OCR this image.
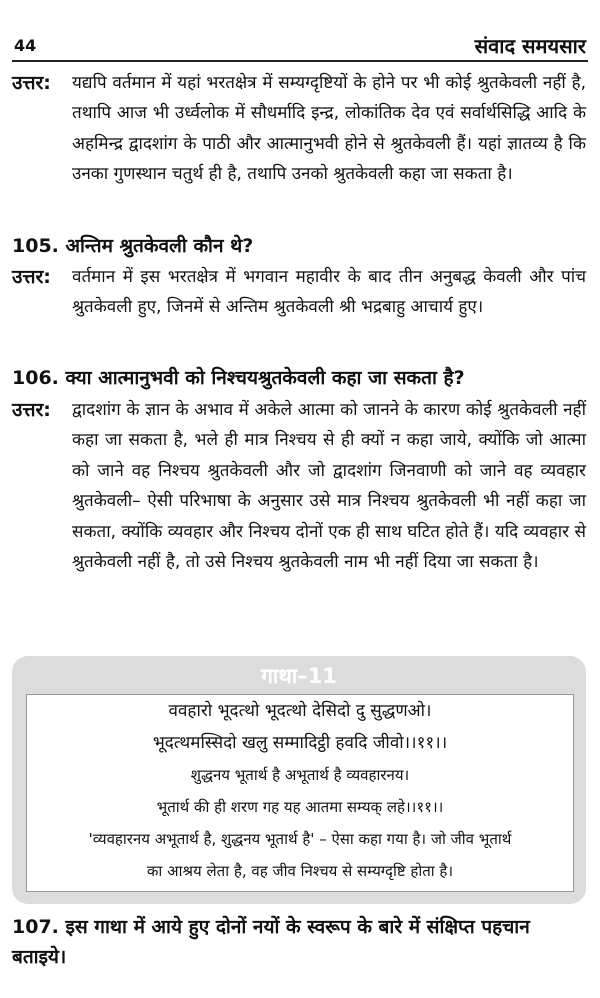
44	संवाद समयसार
उत्तर: यद्यपि वर्तमान में यहां भरतक्षेत्र में सम्यग्दृष्टियों के होने पर भी कोई श्रुतकेवली नहीं है, तथापि आज भी उर्ध्वलोक में सौधर्मादि इन्द्र, लोकांतिक देव एवं सर्वार्थसिद्धि आदि के अहमिन्द्र द्वादशांग के पाठी और आत्मानुभवी होने से श्रुतकेवली हैं। यहां ज्ञातव्य है कि उनका गुणस्थान चतुर्थ ही है, तथापि उनको श्रुतकेवली कहा जा सकता है।
105. अन्तिम श्रुतकेवली कौन थे?
उत्तर: वर्तमान में इस भरतक्षेत्र में भगवान महावीर के बाद तीन अनुबद्ध केवली और पांच श्रुतकेवली हुए, जिनमें से अन्तिम श्रुतकेवली श्री भद्रबाहु आचार्य हुए।
106. क्या आत्मानुभवी को निश्चयश्रुतकेवली कहा जा सकता है?
उत्तर: द्वादशांग के ज्ञान के अभाव में अकेले आत्मा को जानने के कारण कोई श्रुतकेवली नहीं कहा जा सकता है, भले ही मात्र निश्चय से ही क्यों न कहा जाये, क्योंकि जो आत्मा को जाने वह निश्चय श्रुतकेवली और जो द्वादशांग जिनवाणी को जाने वह व्यवहार श्रुतकेवली– ऐसी परिभाषा के अनुसार उसे मात्र निश्चय श्रुतकेवली भी नहीं कहा जा सकता, क्योंकि व्यवहार और निश्चय दोनों एक ही साथ घटित होते हैं। यदि व्यवहार से श्रुतकेवली नहीं है, तो उसे निश्चय श्रुतकेवली नाम भी नहीं दिया जा सकता है।
गाथा–11
ववहारो भूदत्थो भूदत्थो देसिदो दु सुद्धणओ।
भूदत्थमस्सिदो खलु सम्मादिट्ठी हवदि जीवो।।११।।
शुद्धनय भूतार्थ है अभूतार्थ है व्यवहारनय।
भूतार्थ की ही शरण गह यह आतमा सम्यक् लहे।।११।।
'व्यवहारनय अभूतार्थ है, शुद्धनय भूतार्थ है' – ऐसा कहा गया है। जो जीव भूतार्थ
का आश्रय लेता है, वह जीव निश्चय से सम्यग्दृष्टि होता है।
107. इस गाथा में आये हुए दोनों नयों के स्वरूप के बारे में संक्षिप्त पहचान बताइये।
